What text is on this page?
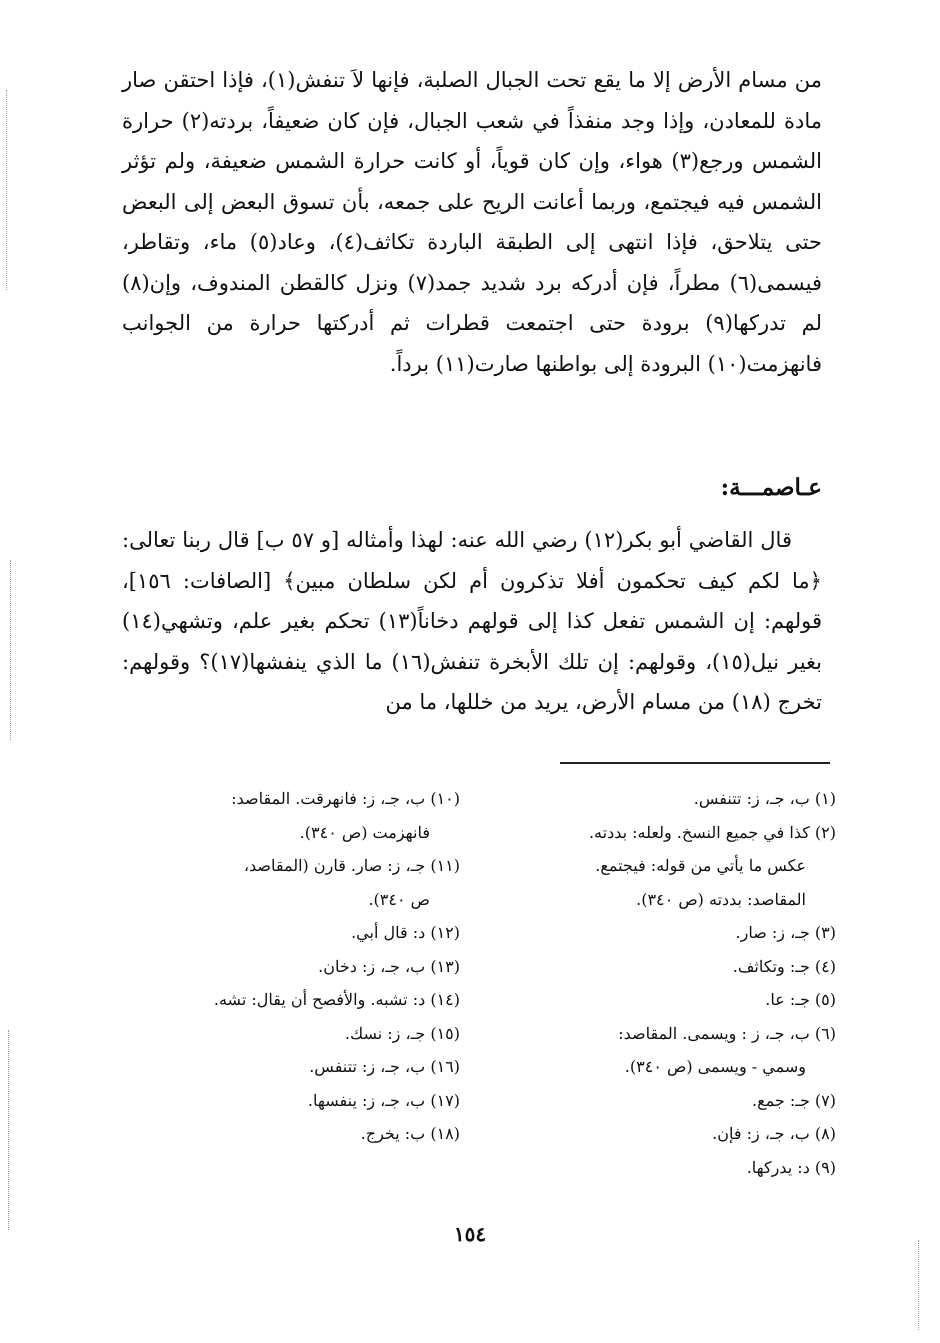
من مسام الأرض إلا ما يقع تحت الجبال الصلبة، فإنها لاَ تنفش(١)، فإذا احتقن صار مادة للمعادن، وإذا وجد منفذاً في شعب الجبال، فإن كان ضعيفاً، بردته(٢) حرارة الشمس ورجع(٣) هواء، وإن كان قوياً، أو كانت حرارة الشمس ضعيفة، ولم تؤثر الشمس فيه فيجتمع، وربما أعانت الريح على جمعه، بأن تسوق البعض إلى البعض حتى يتلاحق، فإذا انتهى إلى الطبقة الباردة تكاثف(٤)، وعاد(٥) ماء، وتقاطر، فيسمى(٦) مطراً، فإن أدركه برد شديد جمد(٧) ونزل كالقطن المندوف، وإن(٨) لم تدركها(٩) برودة حتى اجتمعت قطرات ثم أدركتها حرارة من الجوانب فانهزمت(١٠) البرودة إلى بواطنها صارت(١١) برداً.

عـاصمـــة:

قال القاضي أبو بكر(١٢) رضي الله عنه: لهذا وأمثاله [و ٥٧ ب] قال ربنا تعالى: ﴿ما لكم كيف تحكمون أفلا تذكرون أم لكن سلطان مبين﴾ [الصافات: ١٥٦]، قولهم: إن الشمس تفعل كذا إلى قولهم دخاناً(١٣) تحكم بغير علم، وتشهي(١٤) بغير نيل(١٥)، وقولهم: إن تلك الأبخرة تنفش(١٦) ما الذي ينفشها(١٧)؟ وقولهم: تخرج (١٨) من مسام الأرض، يريد من خللها، ما من

(١) ب، جـ، ز: تتنفس.
(٢) كذا في جميع النسخ. ولعله: بددته.
عكس ما يأتي من قوله: فيجتمع.
المقاصد: بددته (ص ٣٤٠).
(٣) جـ، ز: صار.
(٤) جـ: وتكاثف.
(٥) جـ: عا.
(٦) ب، جـ، ز : ويسمى. المقاصد:
وسمي - ويسمى (ص ٣٤٠).
(٧) جـ: جمع.
(٨) ب، جـ، ز: فإن.
(٩) د: يدركها.
(١٠) ب، جـ، ز: فانهرقت. المقاصد:
فانهزمت (ص ٣٤٠).
(١١) جـ، ز: صار. قارن (المقاصد،
ص ٣٤٠).
(١٢) د: قال أبي.
(١٣) ب، جـ، ز: دخان.
(١٤) د: تشبه. والأفصح أن يقال: تشه.
(١٥) جـ، ز: نسك.
(١٦) ب، جـ، ز: تتنفس.
(١٧) ب، جـ، ز: ينفسها.
(١٨) ب: يخرج.
١٥٤
